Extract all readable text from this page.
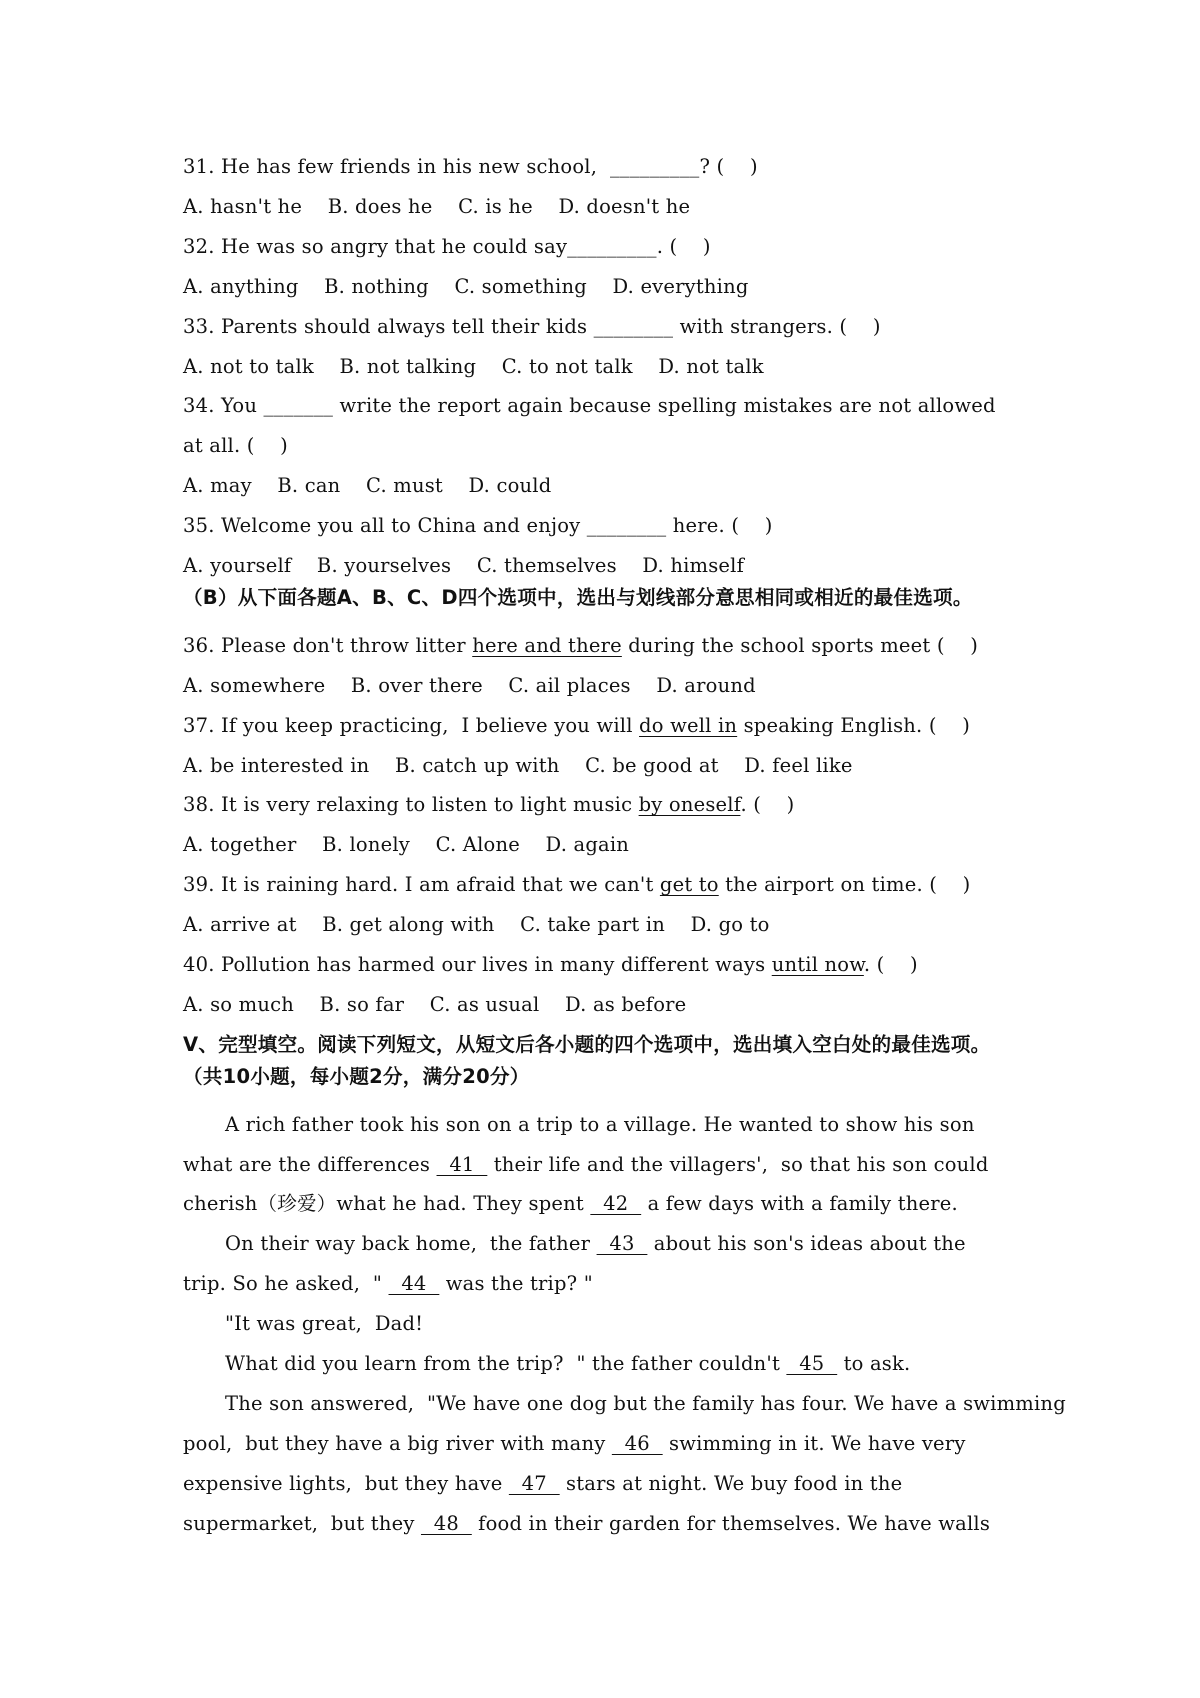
31. He has few friends in his new school,  _________? (    )
A. hasn't he    B. does he    C. is he    D. doesn't he
32. He was so angry that he could say_________. (    )
A. anything    B. nothing    C. something    D. everything
33. Parents should always tell their kids ________ with strangers. (    )
A. not to talk    B. not talking    C. to not talk    D. not talk
34. You _______ write the report again because spelling mistakes are not allowed
at all. (    )
A. may    B. can    C. must    D. could
35. Welcome you all to China and enjoy ________ here. (    )
A. yourself    B. yourselves    C. themselves    D. himself
（B）从下面各题A、B、C、D四个选项中，选出与划线部分意思相同或相近的最佳选项。
36. Please don't throw litter here and there during the school sports meet (    )
A. somewhere    B. over there    C. ail places    D. around
37. If you keep practicing,  I believe you will do well in speaking English. (    )
A. be interested in    B. catch up with    C. be good at    D. feel like
38. It is very relaxing to listen to light music by oneself. (    )
A. together    B. lonely    C. Alone    D. again
39. It is raining hard. I am afraid that we can't get to the airport on time. (    )
A. arrive at    B. get along with    C. take part in    D. go to
40. Pollution has harmed our lives in many different ways until now. (    )
A. so much    B. so far    C. as usual    D. as before
V、完型填空。阅读下列短文，从短文后各小题的四个选项中，选出填入空白处的最佳选项。
（共10小题，每小题2分，满分20分）
A rich father took his son on a trip to a village. He wanted to show his son
what are the differences   41   their life and the villagers',  so that his son could
cherish（珍爱）what he had. They spent   42   a few days with a family there.
On their way back home,  the father   43   about his son's ideas about the
trip. So he asked,  "   44   was the trip? "
"It was great,  Dad!
What did you learn from the trip?  " the father couldn't   45   to ask.
The son answered,  "We have one dog but the family has four. We have a swimming
pool,  but they have a big river with many   46   swimming in it. We have very
expensive lights,  but they have   47   stars at night. We buy food in the
supermarket,  but they   48   food in their garden for themselves. We have walls
